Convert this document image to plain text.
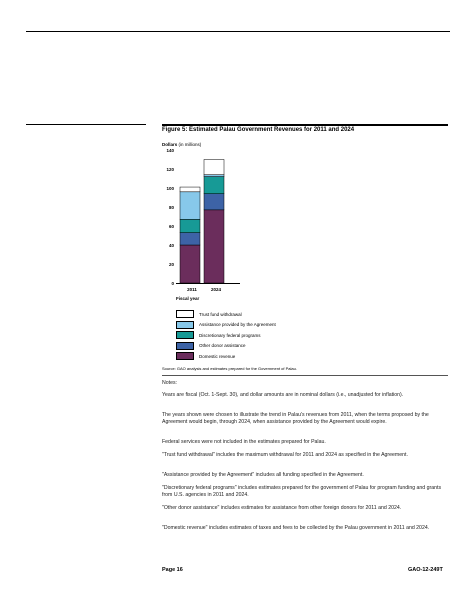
Figure 5: Estimated Palau Government Revenues for 2011 and 2024
Dollars (in millions)
0
20
40
60
80
100
120
140
2011	2024
Fiscal year
Trust fund withdrawal
Assistance provided by the Agreement
Discretionary federal programs
Other donor assistance
Domestic revenue
Source: GAO analysis and estimates prepared for the Government of Palau.
Notes:
Years are fiscal (Oct. 1-Sept. 30), and dollar amounts are in nominal dollars (i.e., unadjusted for inflation).
The years shown were chosen to illustrate the trend in Palau's revenues from 2011, when the terms proposed by the Agreement would begin, through 2024, when assistance provided by the Agreement would expire.
Federal services were not included in the estimates prepared for Palau.
"Trust fund withdrawal" includes the maximum withdrawal for 2011 and 2024 as specified in the Agreement.
"Assistance provided by the Agreement" includes all funding specified in the Agreement.
"Discretionary federal programs" includes estimates prepared for the government of Palau for program funding and grants from U.S. agencies in 2011 and 2024.
"Other donor assistance" includes estimates for assistance from other foreign donors for 2011 and 2024.
"Domestic revenue" includes estimates of taxes and fees to be collected by the Palau government in 2011 and 2024.
Page 16	GAO-12-249T
